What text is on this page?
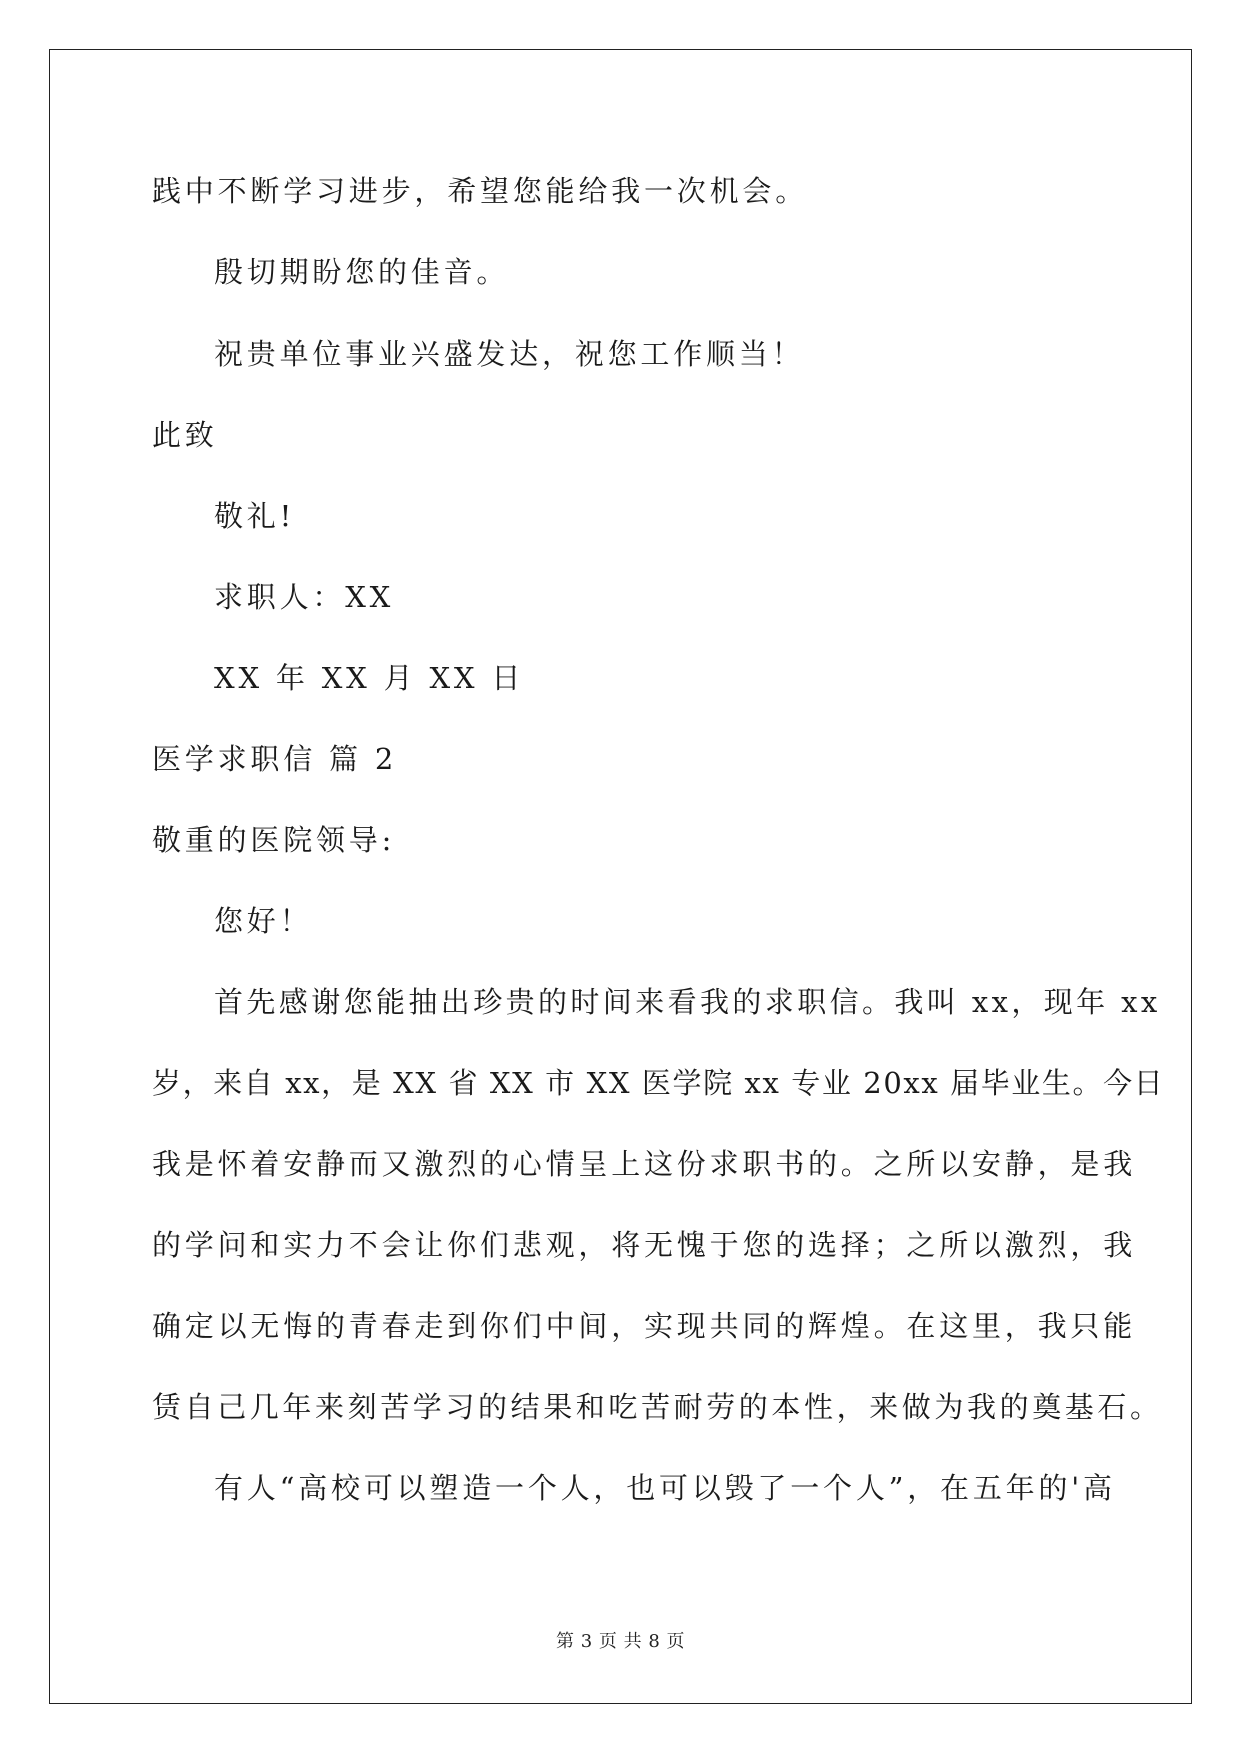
践中不断学习进步，希望您能给我一次机会。
殷切期盼您的佳音。
祝贵单位事业兴盛发达，祝您工作顺当！
此致
敬礼!
求职人：XX
XX 年 XX 月 XX 日
医学求职信 篇 2
敬重的医院领导:
您好！
首先感谢您能抽出珍贵的时间来看我的求职信。我叫 xx，现年 xx
岁，来自 xx，是 XX 省 XX 市 XX 医学院 xx 专业 20xx 届毕业生。今日
我是怀着安静而又激烈的心情呈上这份求职书的。之所以安静，是我
的学问和实力不会让你们悲观，将无愧于您的选择；之所以激烈，我
确定以无悔的青春走到你们中间，实现共同的辉煌。在这里，我只能
赁自己几年来刻苦学习的结果和吃苦耐劳的本性，来做为我的奠基石。
有人“高校可以塑造一个人，也可以毁了一个人”，在五年的'高
第 3 页 共 8 页
